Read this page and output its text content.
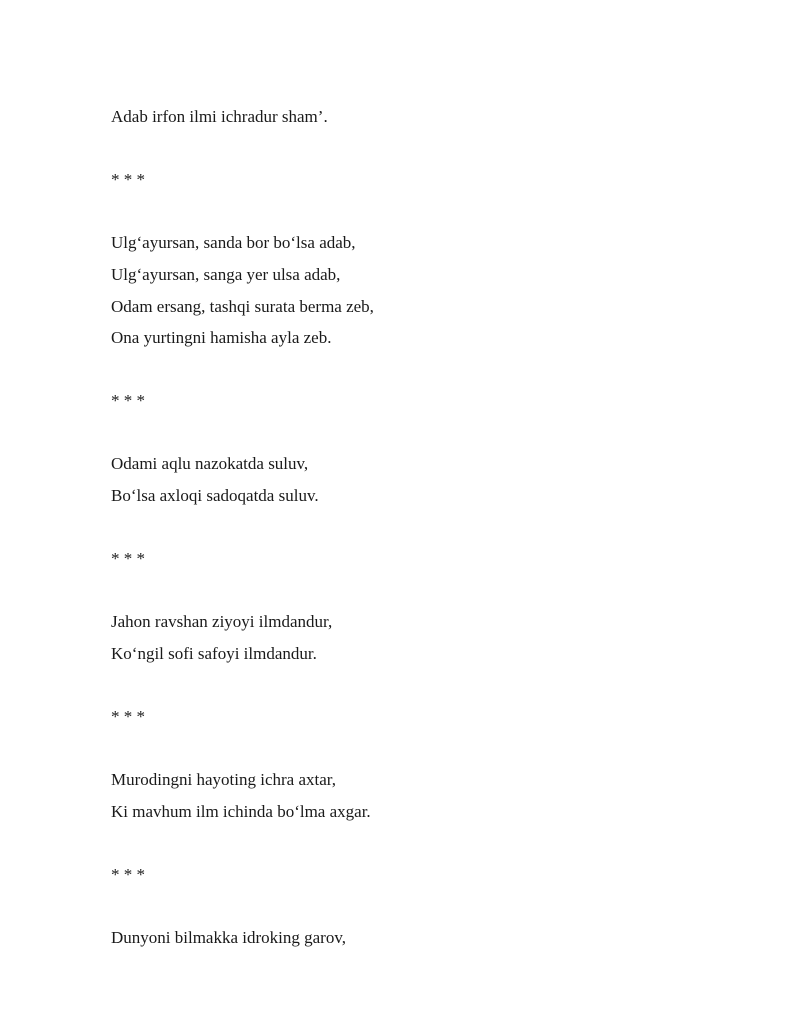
Adab irfon ilmi ichradur sham’.
* * *
Ulg‘ayursan, sanda bor bo‘lsa adab,
Ulg‘ayursan, sanga yer ulsa adab,
Odam ersang, tashqi surata berma zeb,
Ona yurtingni hamisha ayla zeb.
* * *
Odami aqlu nazokatda suluv,
Bo‘lsa axloqi sadoqatda suluv.
* * *
Jahon ravshan ziyoyi ilmdandur,
Ko‘ngil sofi safoyi ilmdandur.
* * *
Murodingni hayoting ichra axtar,
Ki mavhum ilm ichinda bo‘lma axgar.
* * *
Dunyoni bilmakka idroking garov,
